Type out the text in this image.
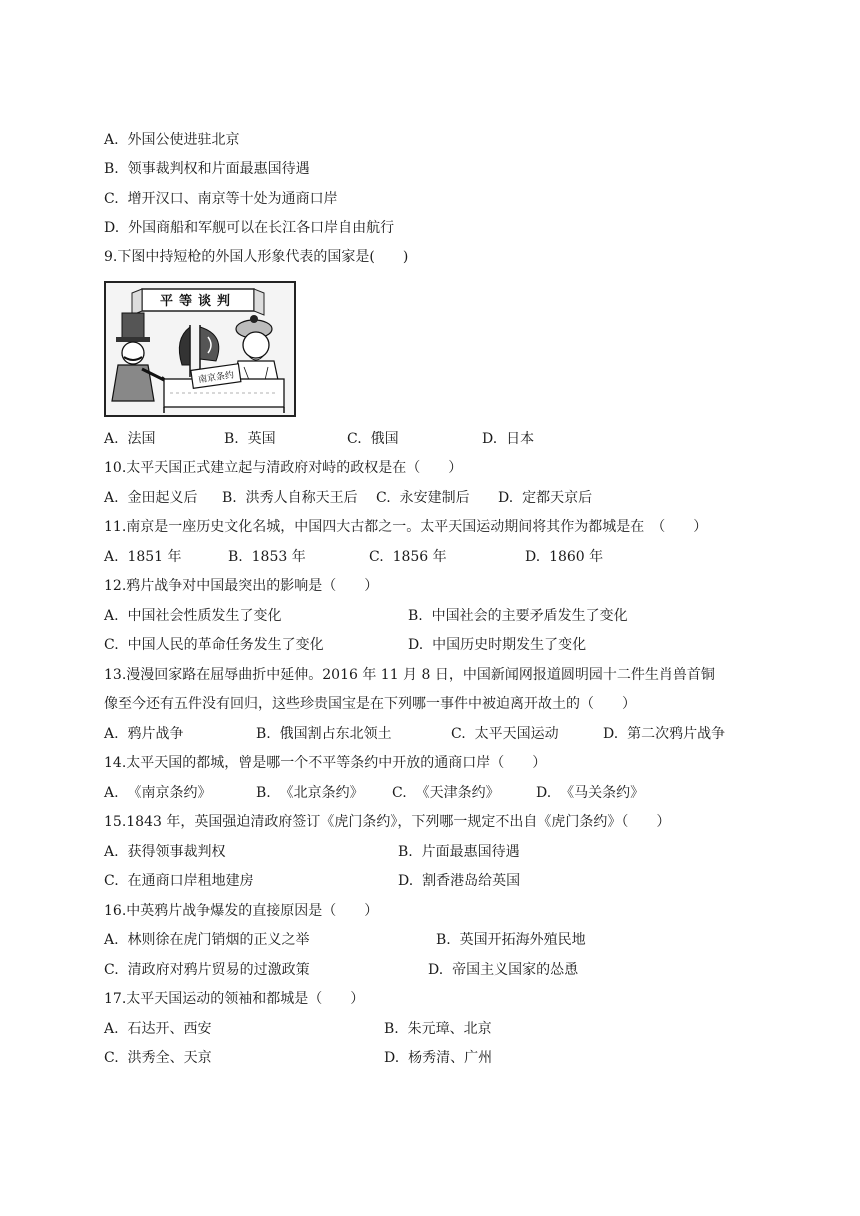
A.  外国公使进驻北京
B.  领事裁判权和片面最惠国待遇
C.  增开汉口、南京等十处为通商口岸
D.  外国商船和军舰可以在长江各口岸自由航行
9.下图中持短枪的外国人形象代表的国家是(　　)
平等谈判
南京条约
A.  法国	B.  英国	C.  俄国	D.  日本
10.太平天国正式建立起与清政府对峙的政权是在（　　）
A.  金田起义后 B.  洪秀人自称天王后 C.  永安建制后 D.  定都天京后
11.南京是一座历史文化名城，中国四大古都之一。太平天国运动期间将其作为都城是在　（　　）
A.  1851 年	B.  1853 年	C.  1856 年	D.  1860 年
12.鸦片战争对中国最突出的影响是（　　）
A.  中国社会性质发生了变化	B.  中国社会的主要矛盾发生了变化
C.  中国人民的革命任务发生了变化	D.  中国历史时期发生了变化
13.漫漫回家路在屈辱曲折中延伸。2016 年 11 月 8 日，中国新闻网报道圆明园十二件生肖兽首铜
像至今还有五件没有回归，这些珍贵国宝是在下列哪一事件中被迫离开故土的（　　）
A.  鸦片战争	B.  俄国割占东北领土	C.  太平天国运动	D.  第二次鸦片战争
14.太平天国的都城，曾是哪一个不平等条约中开放的通商口岸（　　）
A.  《南京条约》	B.  《北京条约》 C.  《天津条约》	D.  《马关条约》
15.1843 年，英国强迫清政府签订《虎门条约》，下列哪一规定不出自《虎门条约》（　　）
A.  获得领事裁判权	B.  片面最惠国待遇
C.  在通商口岸租地建房	D.  割香港岛给英国
16.中英鸦片战争爆发的直接原因是（　　）
A.  林则徐在虎门销烟的正义之举	B.  英国开拓海外殖民地
C.  清政府对鸦片贸易的过激政策	D.  帝国主义国家的怂恿
17.太平天国运动的领袖和都城是（　　）
A.  石达开、西安	B.  朱元璋、北京
C.  洪秀全、天京	D.  杨秀清、广州
